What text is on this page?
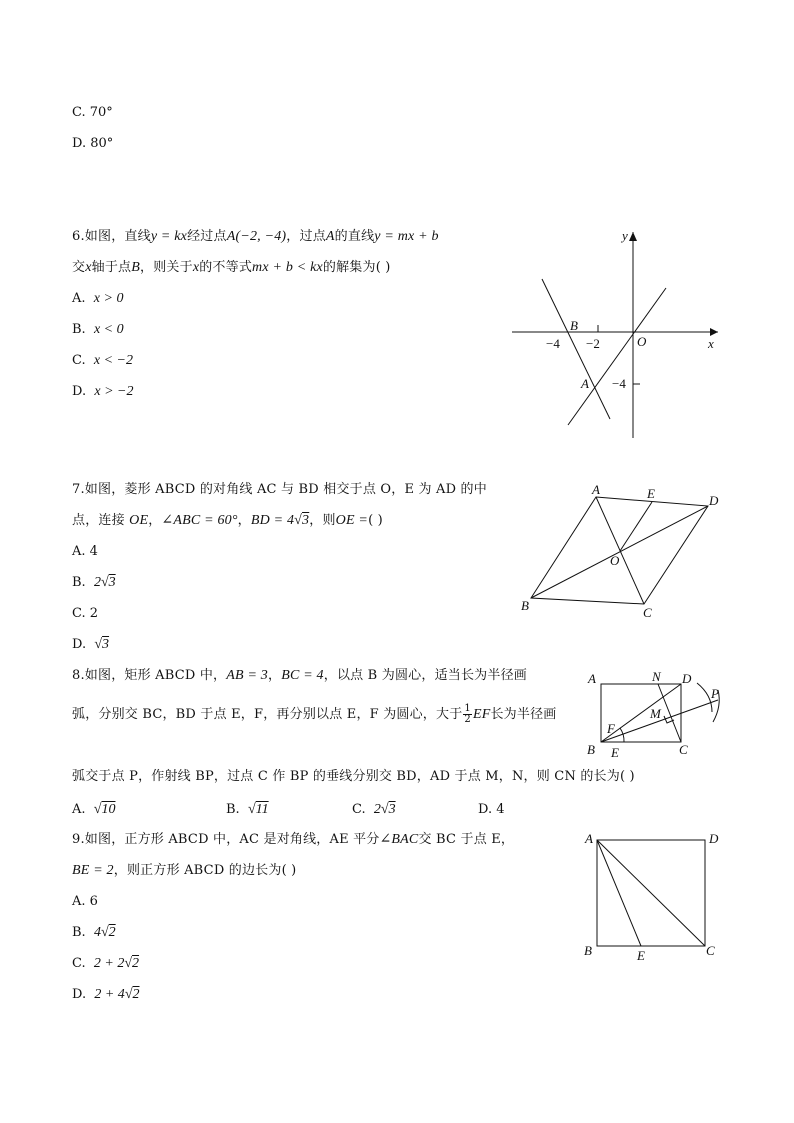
C. 70°
D. 80°
6.如图，直线y = kx经过点A(−2, −4)，过点A的直线y = mx + b
交x轴于点B，则关于x的不等式mx + b < kx的解集为( )
A. x > 0
B. x < 0
C. x < −2
D. x > −2
y
x
O
B
A
−4 −2
−4
7.如图，菱形 ABCD 的对角线 AC 与 BD 相交于点 O，E 为 AD 的中
点，连接 OE，∠ABC = 60°，BD = 4√3，则OE =( )
A. 4
B. 2√3
C. 2
D. √3
A	E	D
O
B	C
8.如图，矩形 ABCD 中，AB = 3，BC = 4，以点 B 为圆心，适当长为半径画
弧，分别交 BC，BD 于点 E，F，再分别以点 E，F 为圆心，大于 $\frac{1}{2}$ EF长为半径画
弧交于点 P，作射线 BP，过点 C 作 BP 的垂线分别交 BD，AD 于点 M，N，则 CN 的长为( )
A. √10	B. √11	C. 2√3	D. 4
A	N D
P
M
F
B E	C
9.如图，正方形 ABCD 中，AC 是对角线，AE 平分∠BAC交 BC 于点 E，
BE = 2，则正方形 ABCD 的边长为( )
A. 6
B. 4√2
C. 2 + 2√2
D. 2 + 4√2
A	D
B	E	C
